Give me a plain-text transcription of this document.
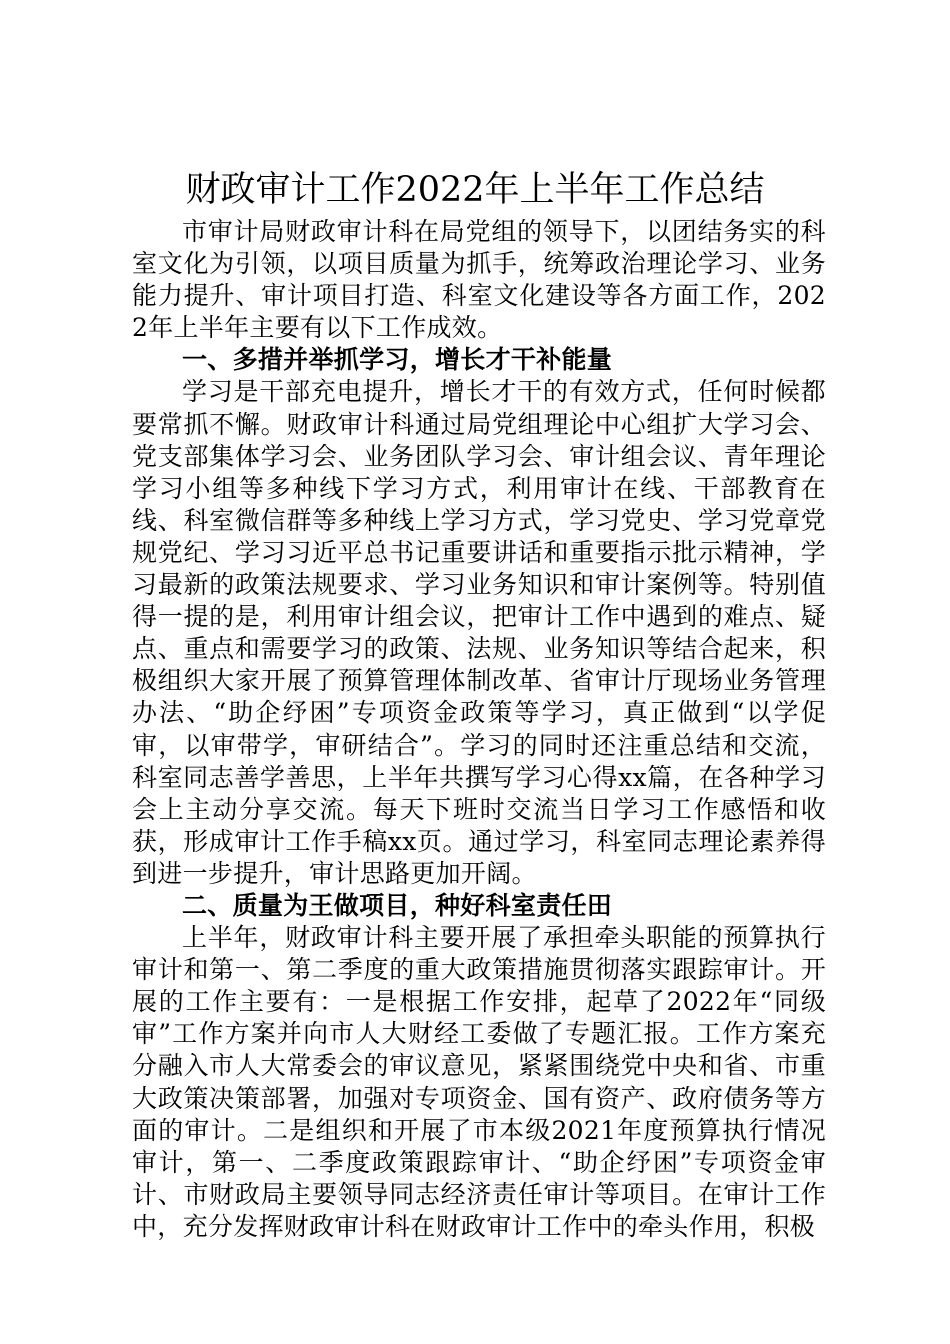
财政审计工作2022年上半年工作总结

市审计局财政审计科在局党组的领导下，以团结务实的科室文化为引领，以项目质量为抓手，统筹政治理论学习、业务能力提升、审计项目打造、科室文化建设等各方面工作，2022年上半年主要有以下工作成效。

一、多措并举抓学习，增长才干补能量

学习是干部充电提升，增长才干的有效方式，任何时候都要常抓不懈。财政审计科通过局党组理论中心组扩大学习会、党支部集体学习会、业务团队学习会、审计组会议、青年理论学习小组等多种线下学习方式，利用审计在线、干部教育在线、科室微信群等多种线上学习方式，学习党史、学习党章党规党纪、学习习近平总书记重要讲话和重要指示批示精神，学习最新的政策法规要求、学习业务知识和审计案例等。特别值得一提的是，利用审计组会议，把审计工作中遇到的难点、疑点、重点和需要学习的政策、法规、业务知识等结合起来，积极组织大家开展了预算管理体制改革、省审计厅现场业务管理办法、“助企纾困”专项资金政策等学习，真正做到“以学促审，以审带学，审研结合”。学习的同时还注重总结和交流，科室同志善学善思，上半年共撰写学习心得xx篇，在各种学习会上主动分享交流。每天下班时交流当日学习工作感悟和收获，形成审计工作手稿xx页。通过学习，科室同志理论素养得到进一步提升，审计思路更加开阔。

二、质量为王做项目，种好科室责任田

上半年，财政审计科主要开展了承担牵头职能的预算执行审计和第一、第二季度的重大政策措施贯彻落实跟踪审计。开展的工作主要有：一是根据工作安排，起草了2022年“同级审”工作方案并向市人大财经工委做了专题汇报。工作方案充分融入市人大常委会的审议意见，紧紧围绕党中央和省、市重大政策决策部署，加强对专项资金、国有资产、政府债务等方面的审计。二是组织和开展了市本级2021年度预算执行情况审计，第一、二季度政策跟踪审计、“助企纾困”专项资金审计、市财政局主要领导同志经济责任审计等项目。在审计工作中，充分发挥财政审计科在财政审计工作中的牵头作用，积极
